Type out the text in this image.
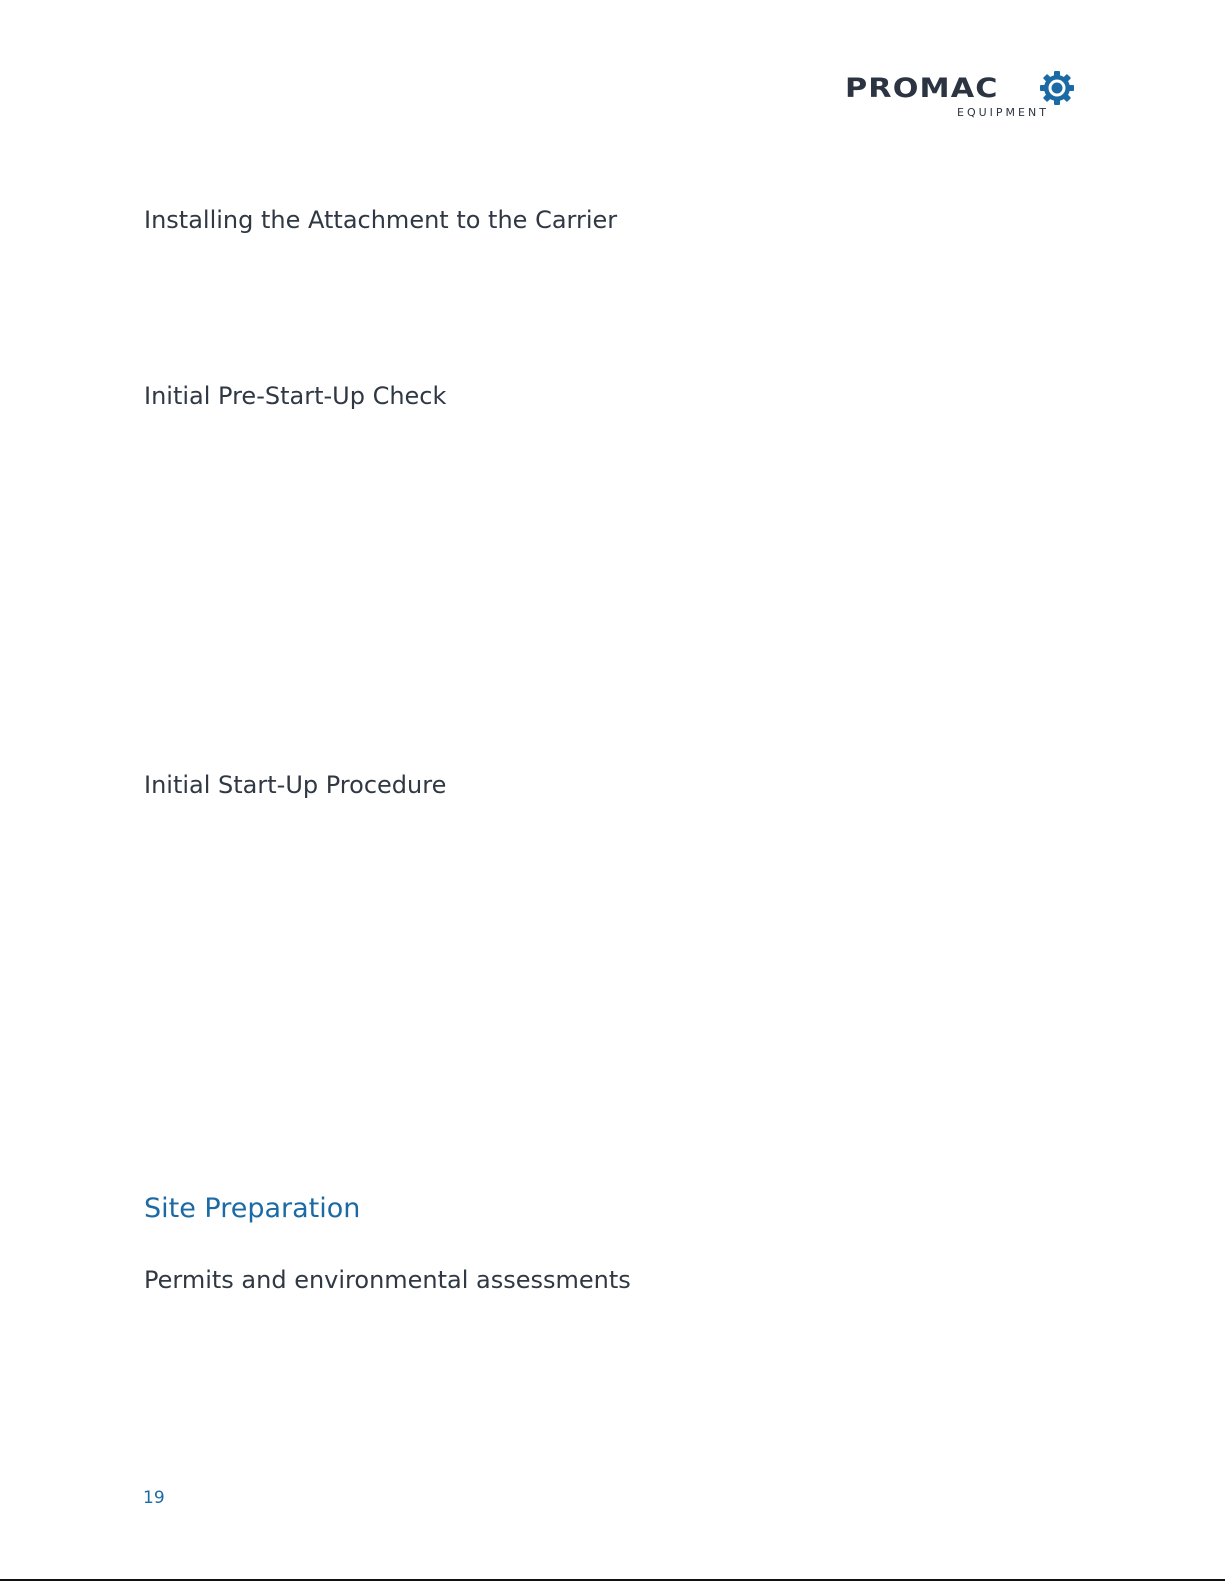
PROMAC
EQUIPMENT
Installing the Attachment to the Carrier
Initial Pre-Start-Up Check
Initial Start-Up Procedure
Site Preparation
Permits and environmental assessments
19
